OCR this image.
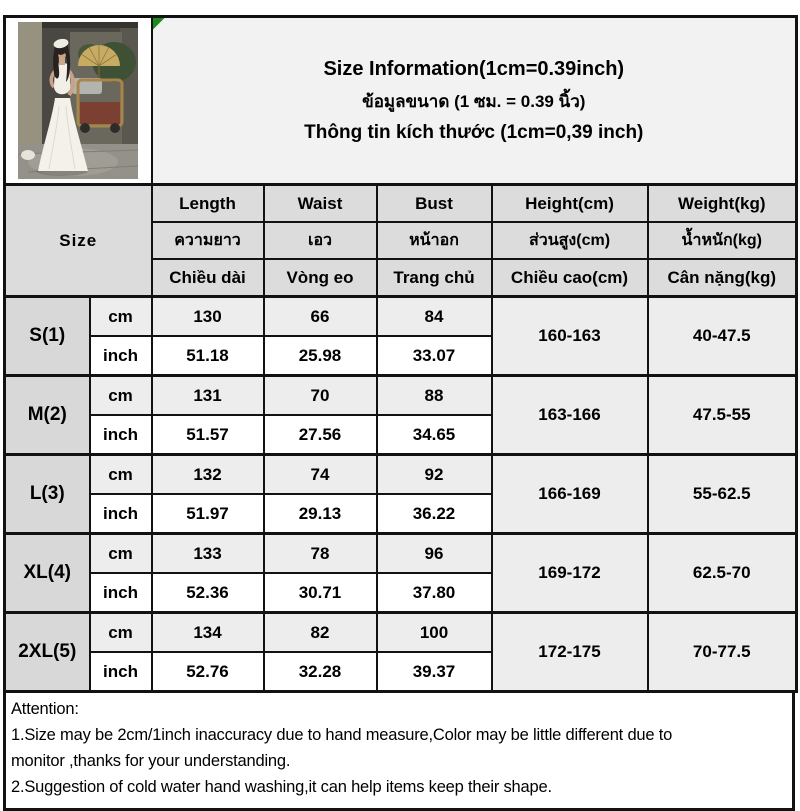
Size Information(1cm=0.39inch)
ข้อมูลขนาด (1 ซม. = 0.39 นิ้ว)
Thông tin kích thước (1cm=0,39 inch)				

Size		Length	Waist	Bust	Height(cm)	Weight(kg)
		ความยาว	เอว	หน้าอก	ส่วนสูง(cm)	น้ำหนัก(kg)
		Chiều dài	Vòng eo	Trang chủ	Chiều cao(cm)	Cân nặng(kg)
S(1)	cm	130	66	84	160-163	40-47.5
	inch	51.18	25.98	33.07		
M(2)	cm	131	70	88	163-166	47.5-55
	inch	51.57	27.56	34.65		
L(3)	cm	132	74	92	166-169	55-62.5
	inch	51.97	29.13	36.22		
XL(4)	cm	133	78	96	169-172	62.5-70
	inch	52.36	30.71	37.80		
2XL(5)	cm	134	82	100	172-175	70-77.5
	inch	52.76	32.28	39.37		
Attention:
1.Size may be 2cm/1inch inaccuracy due to hand measure,Color may be little different due to
monitor ,thanks for your understanding.
2.Suggestion of cold water hand washing,it can help items keep their shape.
